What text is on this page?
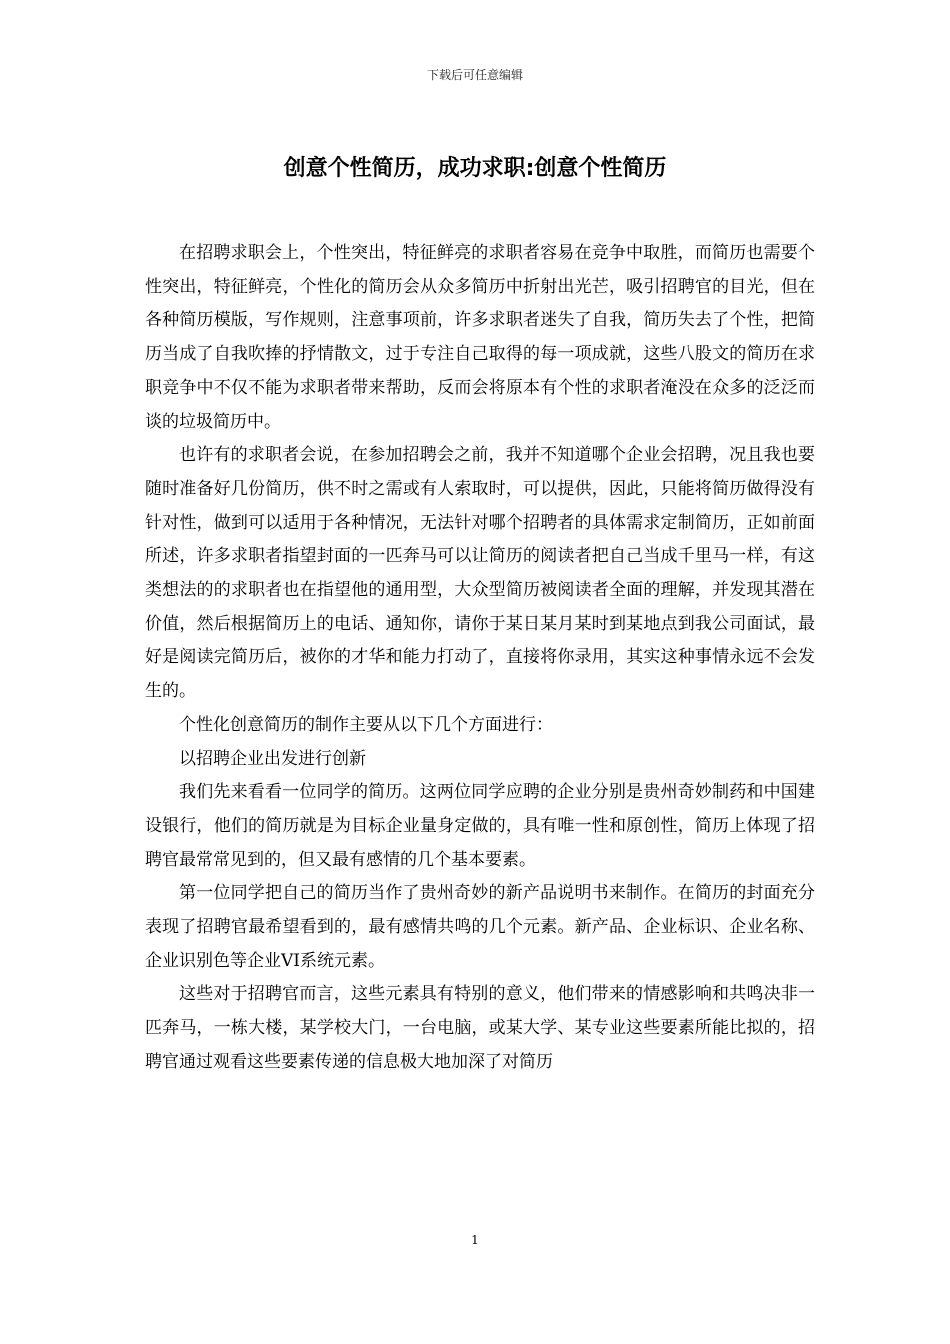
下载后可任意编辑
创意个性简历，成功求职:创意个性简历

在招聘求职会上，个性突出，特征鲜亮的求职者容易在竞争中取胜，而简历也需要个性突出，特征鲜亮，个性化的简历会从众多简历中折射出光芒，吸引招聘官的目光，但在各种简历模版，写作规则，注意事项前，许多求职者迷失了自我，简历失去了个性，把简历当成了自我吹捧的抒情散文，过于专注自己取得的每一项成就，这些八股文的简历在求职竞争中不仅不能为求职者带来帮助，反而会将原本有个性的求职者淹没在众多的泛泛而谈的垃圾简历中。

也许有的求职者会说，在参加招聘会之前，我并不知道哪个企业会招聘，况且我也要随时准备好几份简历，供不时之需或有人索取时，可以提供，因此，只能将简历做得没有针对性，做到可以适用于各种情况，无法针对哪个招聘者的具体需求定制简历，正如前面所述，许多求职者指望封面的一匹奔马可以让简历的阅读者把自己当成千里马一样，有这类想法的的求职者也在指望他的通用型，大众型简历被阅读者全面的理解，并发现其潜在价值，然后根据简历上的电话、通知你，请你于某日某月某时到某地点到我公司面试，最好是阅读完简历后，被你的才华和能力打动了，直接将你录用，其实这种事情永远不会发生的。

个性化创意简历的制作主要从以下几个方面进行：

以招聘企业出发进行创新

我们先来看看一位同学的简历。这两位同学应聘的企业分别是贵州奇妙制药和中国建设银行，他们的简历就是为目标企业量身定做的，具有唯一性和原创性，简历上体现了招聘官最常常见到的，但又最有感情的几个基本要素。

第一位同学把自己的简历当作了贵州奇妙的新产品说明书来制作。在简历的封面充分表现了招聘官最希望看到的，最有感情共鸣的几个元素。新产品、企业标识、企业名称、企业识别色等企业VI系统元素。

这些对于招聘官而言，这些元素具有特别的意义，他们带来的情感影响和共鸣决非一匹奔马，一栋大楼，某学校大门，一台电脑，或某大学、某专业这些要素所能比拟的，招聘官通过观看这些要素传递的信息极大地加深了对简历

1
